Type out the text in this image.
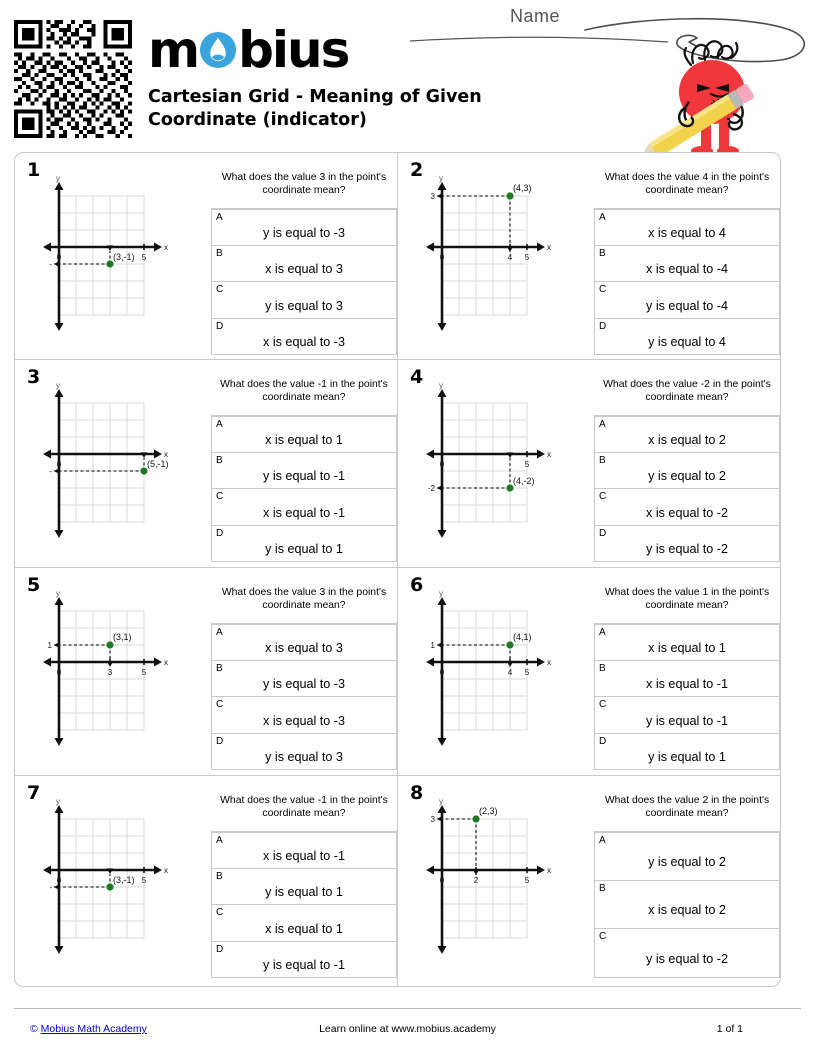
m bius
Cartesian Grid - Meaning of Given Coordinate (indicator)
Name
1
x
y
0	5
-
(3,-1)
What does the value 3 in the point's coordinate mean?
A
y is equal to -3
B
x is equal to 3
C
y is equal to 3
D
x is equal to -3
2
x
y
0	4 5
3
(4,3)
What does the value 4 in the point's coordinate mean?
A
x is equal to 4
B
x is equal to -4
C
y is equal to -4
D
y is equal to 4
3
x
y
0
-
(5,-1)
What does the value -1 in the point's coordinate mean?
A
x is equal to 1
B
y is equal to -1
C
x is equal to -1
D
y is equal to 1
4
x
y
0	5
-2
(4,-2)
What does the value -2 in the point's coordinate mean?
A
x is equal to 2
B
y is equal to 2
C
x is equal to -2
D
y is equal to -2
5
x
y
0	3	5
1
(3,1)
What does the value 3 in the point's coordinate mean?
A
x is equal to 3
B
y is equal to -3
C
x is equal to -3
D
y is equal to 3
6
x
y
0	4 5
1
(4,1)
What does the value 1 in the point's coordinate mean?
A
x is equal to 1
B
x is equal to -1
C
y is equal to -1
D
y is equal to 1
7
x
y
0	5
-
(3,-1)
What does the value -1 in the point's coordinate mean?
A
x is equal to -1
B
y is equal to 1
C
x is equal to 1
D
y is equal to -1
8
x
y
0	2	5
3
(2,3)
What does the value 2 in the point's coordinate mean?
A
y is equal to 2
B
x is equal to 2
C
y is equal to -2
© Mobius Math Academy	Learn online at www.mobius.academy	1 of 1
